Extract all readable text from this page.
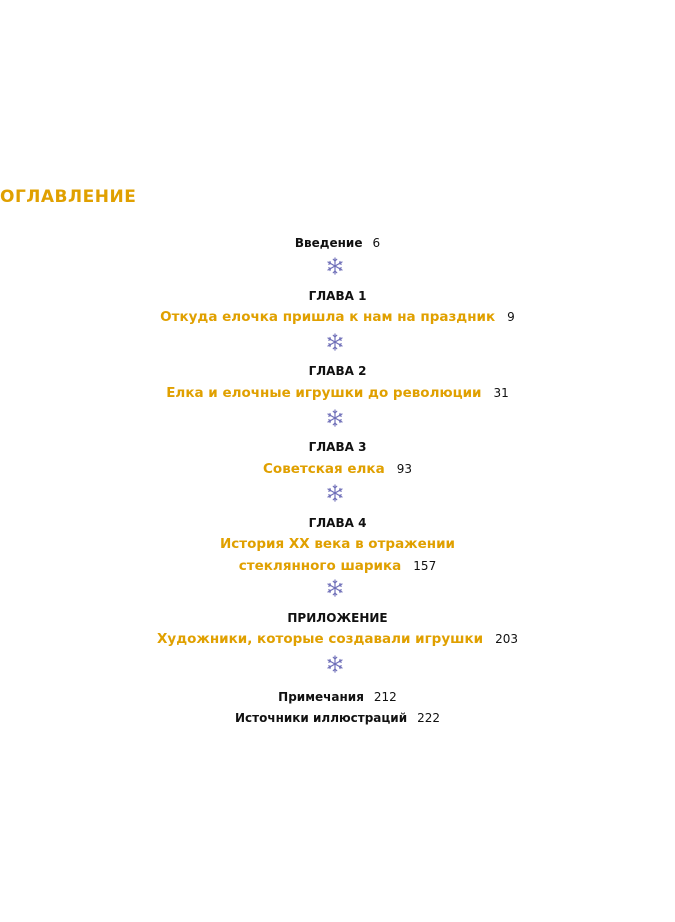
ОГЛАВЛЕНИЕ
Введение 6
ГЛАВА 1
Откуда елочка пришла к нам на праздник 9
ГЛАВА 2
Елка и елочные игрушки до революции 31
ГЛАВА 3
Советская елка 93
ГЛАВА 4
История ХХ века в отражении
стеклянного шарика 157
ПРИЛОЖЕНИЕ
Художники, которые создавали игрушки 203
Примечания 212
Источники иллюстраций 222
